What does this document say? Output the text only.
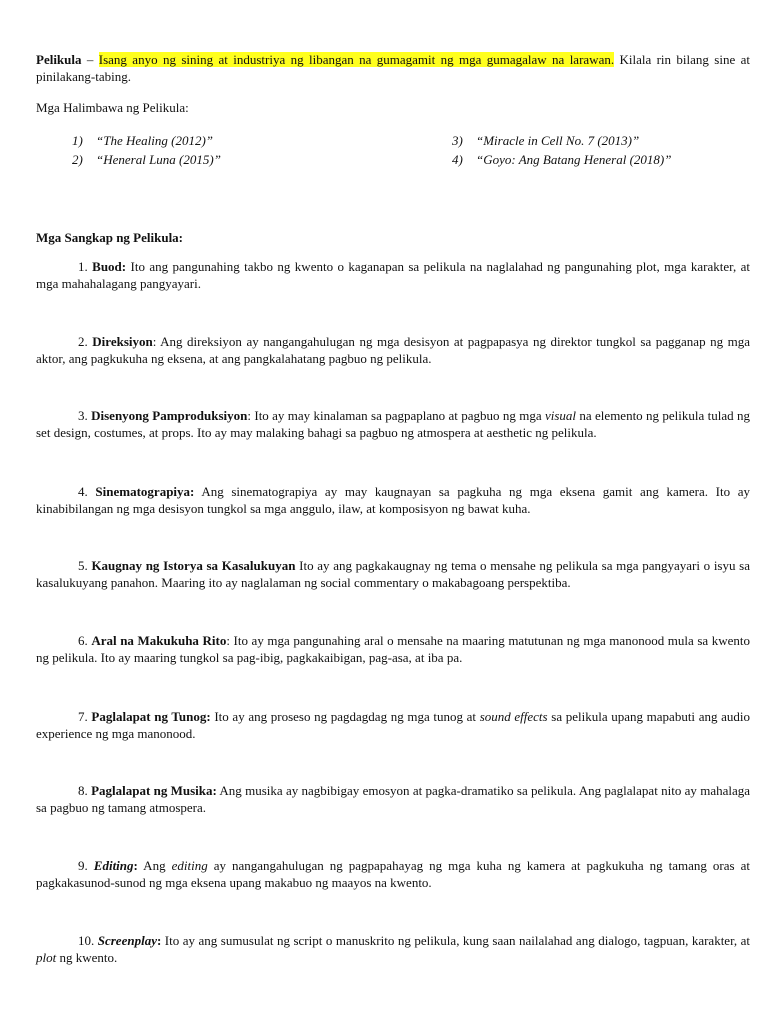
Pelikula – Isang anyo ng sining at industriya ng libangan na gumagamit ng mga gumagalaw na larawan. Kilala rin bilang sine at pinilakang-tabing.
Mga Halimbawa ng Pelikula:
1) “The Healing (2012)”
2) “Heneral Luna (2015)”
3) “Miracle in Cell No. 7 (2013)”
4) “Goyo: Ang Batang Heneral (2018)”
Mga Sangkap ng Pelikula:
1. Buod: Ito ang pangunahing takbo ng kwento o kaganapan sa pelikula na naglalahad ng pangunahing plot, mga karakter, at mga mahahalagang pangyayari.
2. Direksiyon: Ang direksiyon ay nangangahulugan ng mga desisyon at pagpapasya ng direktor tungkol sa pagganap ng mga aktor, ang pagkukuha ng eksena, at ang pangkalahatang pagbuo ng pelikula.
3. Disenyong Pamproduksiyon: Ito ay may kinalaman sa pagpaplano at pagbuo ng mga visual na elemento ng pelikula tulad ng set design, costumes, at props. Ito ay may malaking bahagi sa pagbuo ng atmospera at aesthetic ng pelikula.
4. Sinematograpiya: Ang sinematograpiya ay may kaugnayan sa pagkuha ng mga eksena gamit ang kamera. Ito ay kinabibilangan ng mga desisyon tungkol sa mga anggulo, ilaw, at komposisyon ng bawat kuha.
5. Kaugnay ng Istorya sa Kasalukuyan Ito ay ang pagkakaugnay ng tema o mensahe ng pelikula sa mga pangyayari o isyu sa kasalukuyang panahon. Maaring ito ay naglalaman ng social commentary o makabagoang perspektiba.
6. Aral na Makukuha Rito: Ito ay mga pangunahing aral o mensahe na maaring matutunan ng mga manonood mula sa kwento ng pelikula. Ito ay maaring tungkol sa pag-ibig, pagkakaibigan, pag-asa, at iba pa.
7. Paglalapat ng Tunog: Ito ay ang proseso ng pagdagdag ng mga tunog at sound effects sa pelikula upang mapabuti ang audio experience ng mga manonood.
8. Paglalapat ng Musika: Ang musika ay nagbibigay emosyon at pagka-dramatiko sa pelikula. Ang paglalapat nito ay mahalaga sa pagbuo ng tamang atmospera.
9. Editing: Ang editing ay nangangahulugan ng pagpapahayag ng mga kuha ng kamera at pagkukuha ng tamang oras at pagkakasunod-sunod ng mga eksena upang makabuo ng maayos na kwento.
10. Screenplay: Ito ay ang sumusulat ng script o manuskrito ng pelikula, kung saan nailalahad ang dialogo, tagpuan, karakter, at plot ng kwento.
